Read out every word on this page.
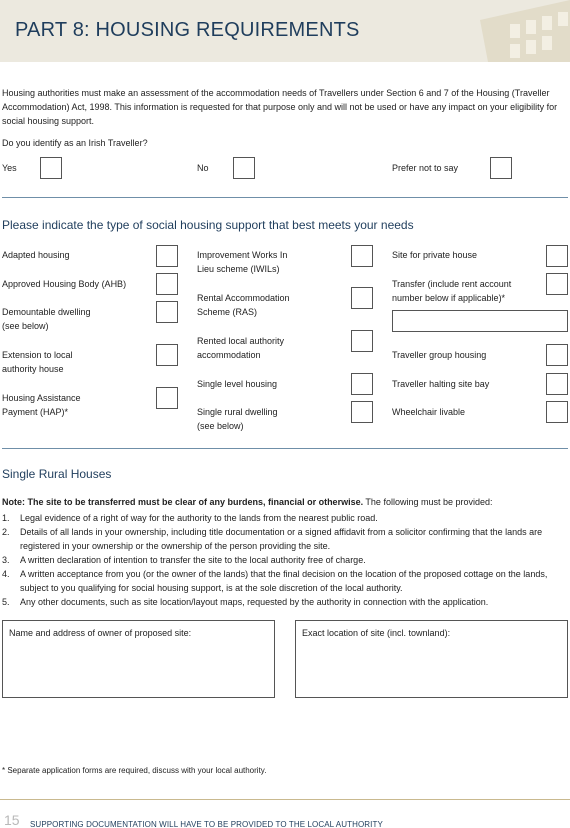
PART 8: HOUSING REQUIREMENTS
Housing authorities must make an assessment of the accommodation needs of Travellers under Section 6 and 7 of the Housing (Traveller Accommodation) Act, 1998. This information is requested for that purpose only and will not be used or have any impact on your eligibility for social housing support.
Do you identify as an Irish Traveller?
Yes	No	Prefer not to say
Please indicate the type of social housing support that best meets your needs
Adapted housing
Approved Housing Body (AHB)
Demountable dwelling
(see below)
Extension to local
authority house
Housing Assistance
Payment (HAP)*
Improvement Works In
Lieu scheme (IWILs)
Rental Accommodation
Scheme (RAS)
Rented local authority
accommodation
Single level housing
Single rural dwelling
(see below)
Site for private house
Transfer (include rent account
number below if applicable)*
Traveller group housing
Traveller halting site bay
Wheelchair livable
Single Rural Houses
Note: The site to be transferred must be clear of any burdens, financial or otherwise. The following must be provided:
1. Legal evidence of a right of way for the authority to the lands from the nearest public road.
2. Details of all lands in your ownership, including title documentation or a signed affidavit from a solicitor confirming that the lands are registered in your ownership or the ownership of the person providing the site.
3. A written declaration of intention to transfer the site to the local authority free of charge.
4. A written acceptance from you (or the owner of the lands) that the final decision on the location of the proposed cottage on the lands, subject to you qualifying for social housing support, is at the sole discretion of the local authority.
5. Any other documents, such as site location/layout maps, requested by the authority in connection with the application.
Name and address of owner of proposed site:	Exact location of site (incl. townland):
* Separate application forms are required, discuss with your local authority.
15 SUPPORTING DOCUMENTATION WILL HAVE TO BE PROVIDED TO THE LOCAL AUTHORITY
